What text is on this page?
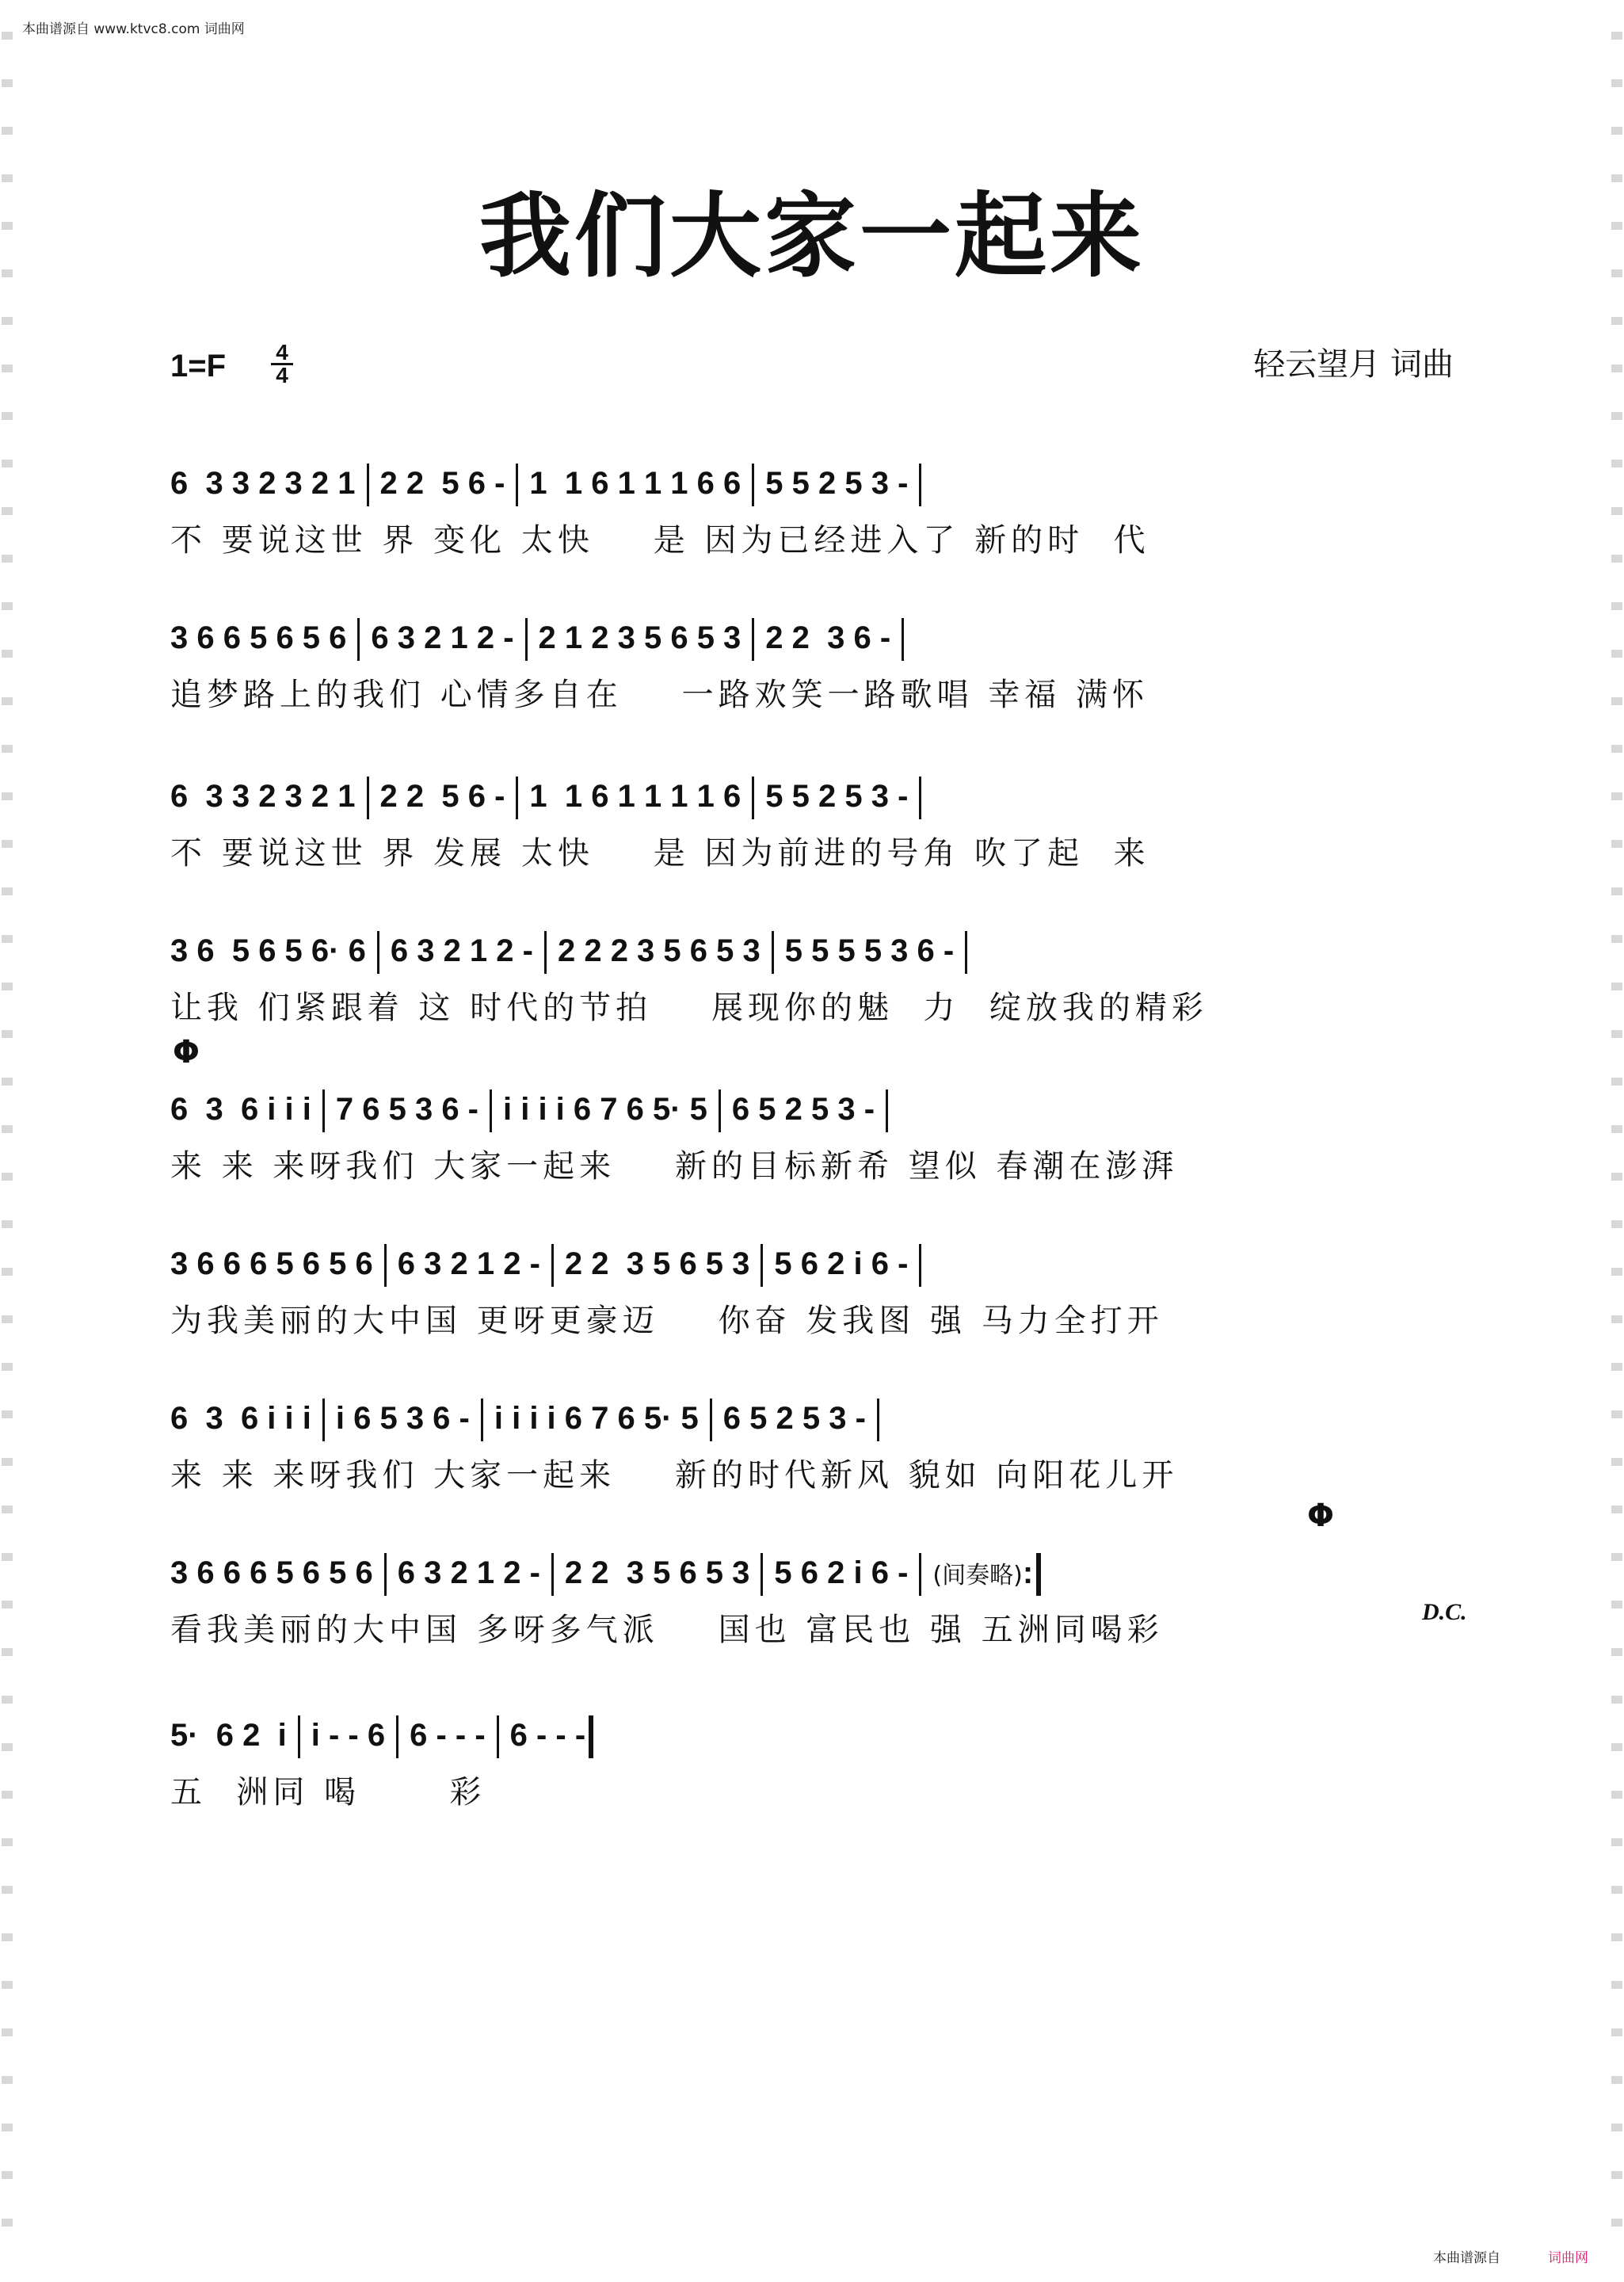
本曲谱源自 www.ktvc8.com 词曲网
我们大家一起来
1=F 4
4	轻云望月 词曲
6  3 3 2 3 2 1 2 2  5 6 - 1  1 6 1 1 1 6 6 5 5 2 5 3 -
不 要说这世 界 变化 太快    是 因为已经进入了 新的时  代
3 6 6 5 6 5 6 6 3 2 1 2 - 2 1 2 3 5 6 5 3 2 2  3 6 -
追梦路上的我们 心情多自在    一路欢笑一路歌唱 幸福 满怀
6  3 3 2 3 2 1 2 2  5 6 - 1  1 6 1 1 1 1 6 5 5 2 5 3 -
不 要说这世 界 发展 太快    是 因为前进的号角 吹了起  来
3 6  5 6 5 6· 6 6 3 2 1 2 - 2 2 2 3 5 6 5 3 5 5 5 5 3 6 -
让我 们紧跟着 这 时代的节拍    展现你的魅  力  绽放我的精彩
Φ
6  3  6 i i i 7 6 5 3 6 - i i i i 6 7 6 5· 5 6 5 2 5 3 -
来 来 来呀我们 大家一起来    新的目标新希 望似 春潮在澎湃
3 6 6 6 5 6 5 6 6 3 2 1 2 - 2 2  3 5 6 5 3 5 6 2 i 6 -
为我美丽的大中国 更呀更豪迈    你奋 发我图 强 马力全打开
6  3  6 i i i i 6 5 3 6 - i i i i 6 7 6 5· 5 6 5 2 5 3 -
来 来 来呀我们 大家一起来    新的时代新风 貌如 向阳花儿开
Φ
3 6 6 6 5 6 5 6 6 3 2 1 2 - 2 2  3 5 6 5 3 5 6 2 i 6 - (间奏略):
看我美丽的大中国 多呀多气派    国也 富民也 强 五洲同喝彩	D.C.
5·  6 2  i i - - 6 6 - - - 6 - - -
五  洲同 喝      彩
本曲谱源自	词曲网
